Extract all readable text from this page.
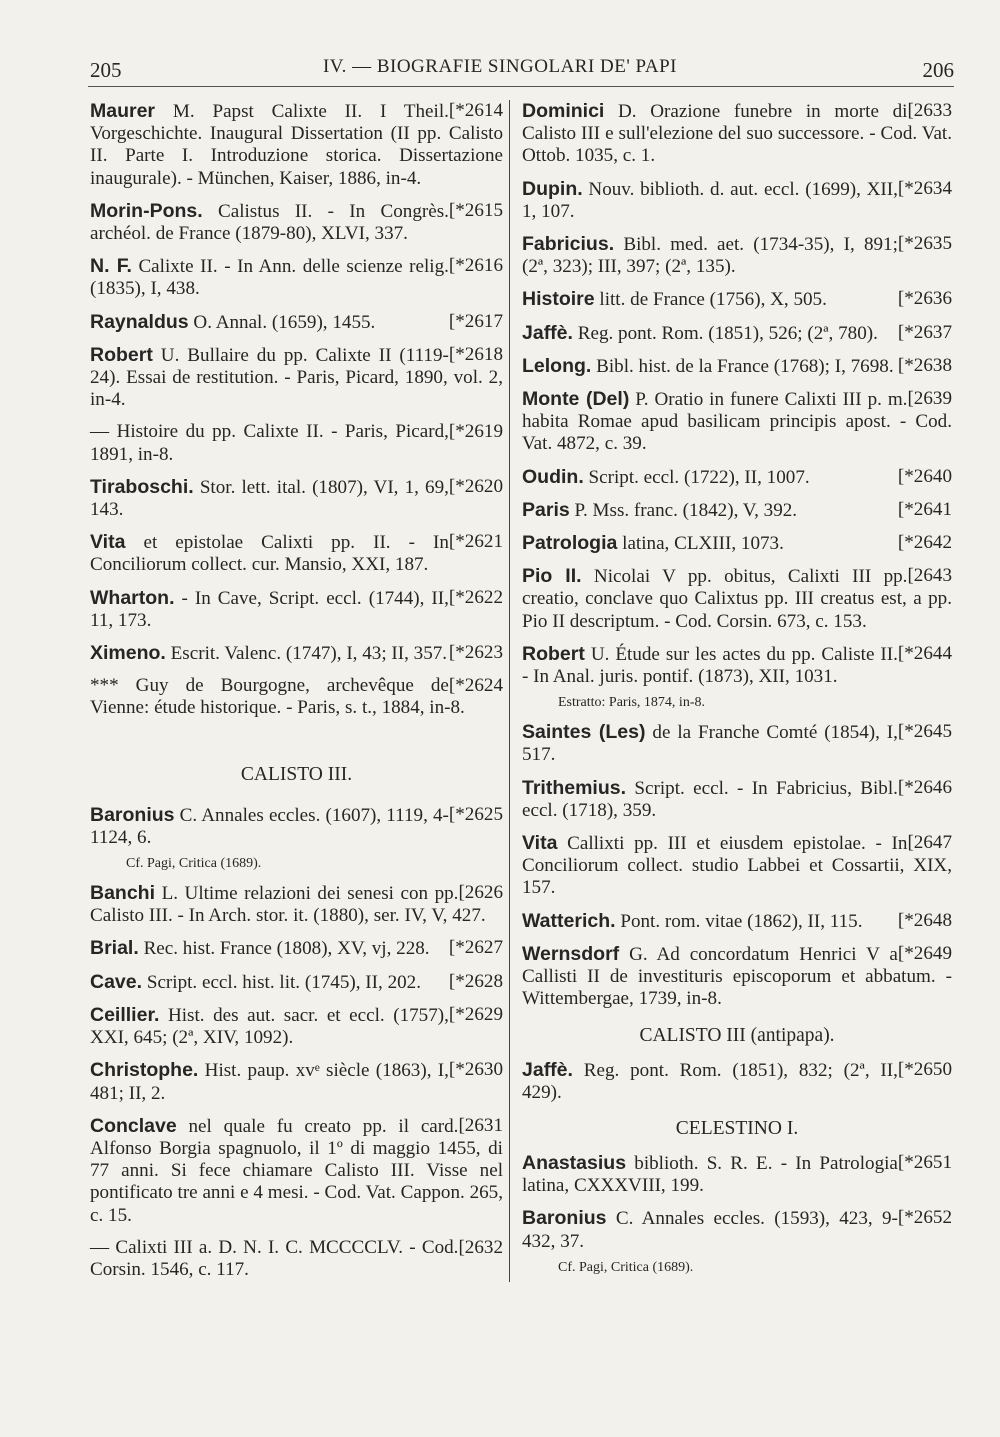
205	IV. — BIOGRAFIE SINGOLARI DE' PAPI	206
[*2614
Maurer M. Papst Calixte II. I Theil. Vorgeschichte. Inaugural Dissertation (II pp. Calisto II. Parte I. Introduzione storica. Dissertazione inaugurale). - München, Kaiser, 1886, in-4.
[*2615
Morin-Pons. Calistus II. - In Congrès. archéol. de France (1879-80), XLVI, 337.
[*2616
N. F. Calixte II. - In Ann. delle scienze relig. (1835), I, 438.
[*2617
Raynaldus O. Annal. (1659), 1455.
[*2618
Robert U. Bullaire du pp. Calixte II (1119-24). Essai de restitution. - Paris, Picard, 1890, vol. 2, in-4.
[*2619
— Histoire du pp. Calixte II. - Paris, Picard, 1891, in-8.
[*2620
Tiraboschi. Stor. lett. ital. (1807), VI, 1, 69, 143.
[*2621
Vita et epistolae Calixti pp. II. - In Conciliorum collect. cur. Mansio, XXI, 187.
[*2622
Wharton. - In Cave, Script. eccl. (1744), II, 11, 173.
[*2623
Ximeno. Escrit. Valenc. (1747), I, 43; II, 357.
[*2624
*** Guy de Bourgogne, archevêque de Vienne: étude historique. - Paris, s. t., 1884, in-8.
CALISTO III.
[*2625
Baronius C. Annales eccles. (1607), 1119, 4-1124, 6.
Cf. Pagi, Critica (1689).
[2626
Banchi L. Ultime relazioni dei senesi con pp. Calisto III. - In Arch. stor. it. (1880), ser. IV, V, 427.
[*2627
Brial. Rec. hist. France (1808), XV, vj, 228.
[*2628
Cave. Script. eccl. hist. lit. (1745), II, 202.
[*2629
Ceillier. Hist. des aut. sacr. et eccl. (1757), XXI, 645; (2ª, XIV, 1092).
[*2630
Christophe. Hist. paup. xvᵉ siècle (1863), I, 481; II, 2.
[2631
Conclave nel quale fu creato pp. il card. Alfonso Borgia spagnuolo, il 1º di maggio 1455, di 77 anni. Si fece chiamare Calisto III. Visse nel pontificato tre anni e 4 mesi. - Cod. Vat. Cappon. 265, c. 15.
[2632
— Calixti III a. D. N. I. C. MCCCCLV. - Cod. Corsin. 1546, c. 117.
[2633
Dominici D. Orazione funebre in morte di Calisto III e sull'elezione del suo successore. - Cod. Vat. Ottob. 1035, c. 1.
[*2634
Dupin. Nouv. biblioth. d. aut. eccl. (1699), XII, 1, 107.
[*2635
Fabricius. Bibl. med. aet. (1734-35), I, 891; (2ª, 323); III, 397; (2ª, 135).
[*2636
Histoire litt. de France (1756), X, 505.
[*2637
Jaffè. Reg. pont. Rom. (1851), 526; (2ª, 780).
[*2638
Lelong. Bibl. hist. de la France (1768); I, 7698.
[2639
Monte (Del) P. Oratio in funere Calixti III p. m. habita Romae apud basilicam principis apost. - Cod. Vat. 4872, c. 39.
[*2640
Oudin. Script. eccl. (1722), II, 1007.
[*2641
Paris P. Mss. franc. (1842), V, 392.
[*2642
Patrologia latina, CLXIII, 1073.
[2643
Pio II. Nicolai V pp. obitus, Calixti III pp. creatio, conclave quo Calixtus pp. III creatus est, a pp. Pio II descriptum. - Cod. Corsin. 673, c. 153.
[*2644
Robert U. Étude sur les actes du pp. Caliste II. - In Anal. juris. pontif. (1873), XII, 1031.
Estratto: Paris, 1874, in-8.
[*2645
Saintes (Les) de la Franche Comté (1854), I, 517.
[*2646
Trithemius. Script. eccl. - In Fabricius, Bibl. eccl. (1718), 359.
[2647
Vita Callixti pp. III et eiusdem epistolae. - In Conciliorum collect. studio Labbei et Cossartii, XIX, 157.
[*2648
Watterich. Pont. rom. vitae (1862), II, 115.
[*2649
Wernsdorf G. Ad concordatum Henrici V a Callisti II de investituris episcoporum et abbatum. - Wittembergae, 1739, in-8.
CALISTO III (antipapa).
[*2650
Jaffè. Reg. pont. Rom. (1851), 832; (2ª, II, 429).
CELESTINO I.
[*2651
Anastasius biblioth. S. R. E. - In Patrologia latina, CXXXVIII, 199.
[*2652
Baronius C. Annales eccles. (1593), 423, 9-432, 37.
Cf. Pagi, Critica (1689).
